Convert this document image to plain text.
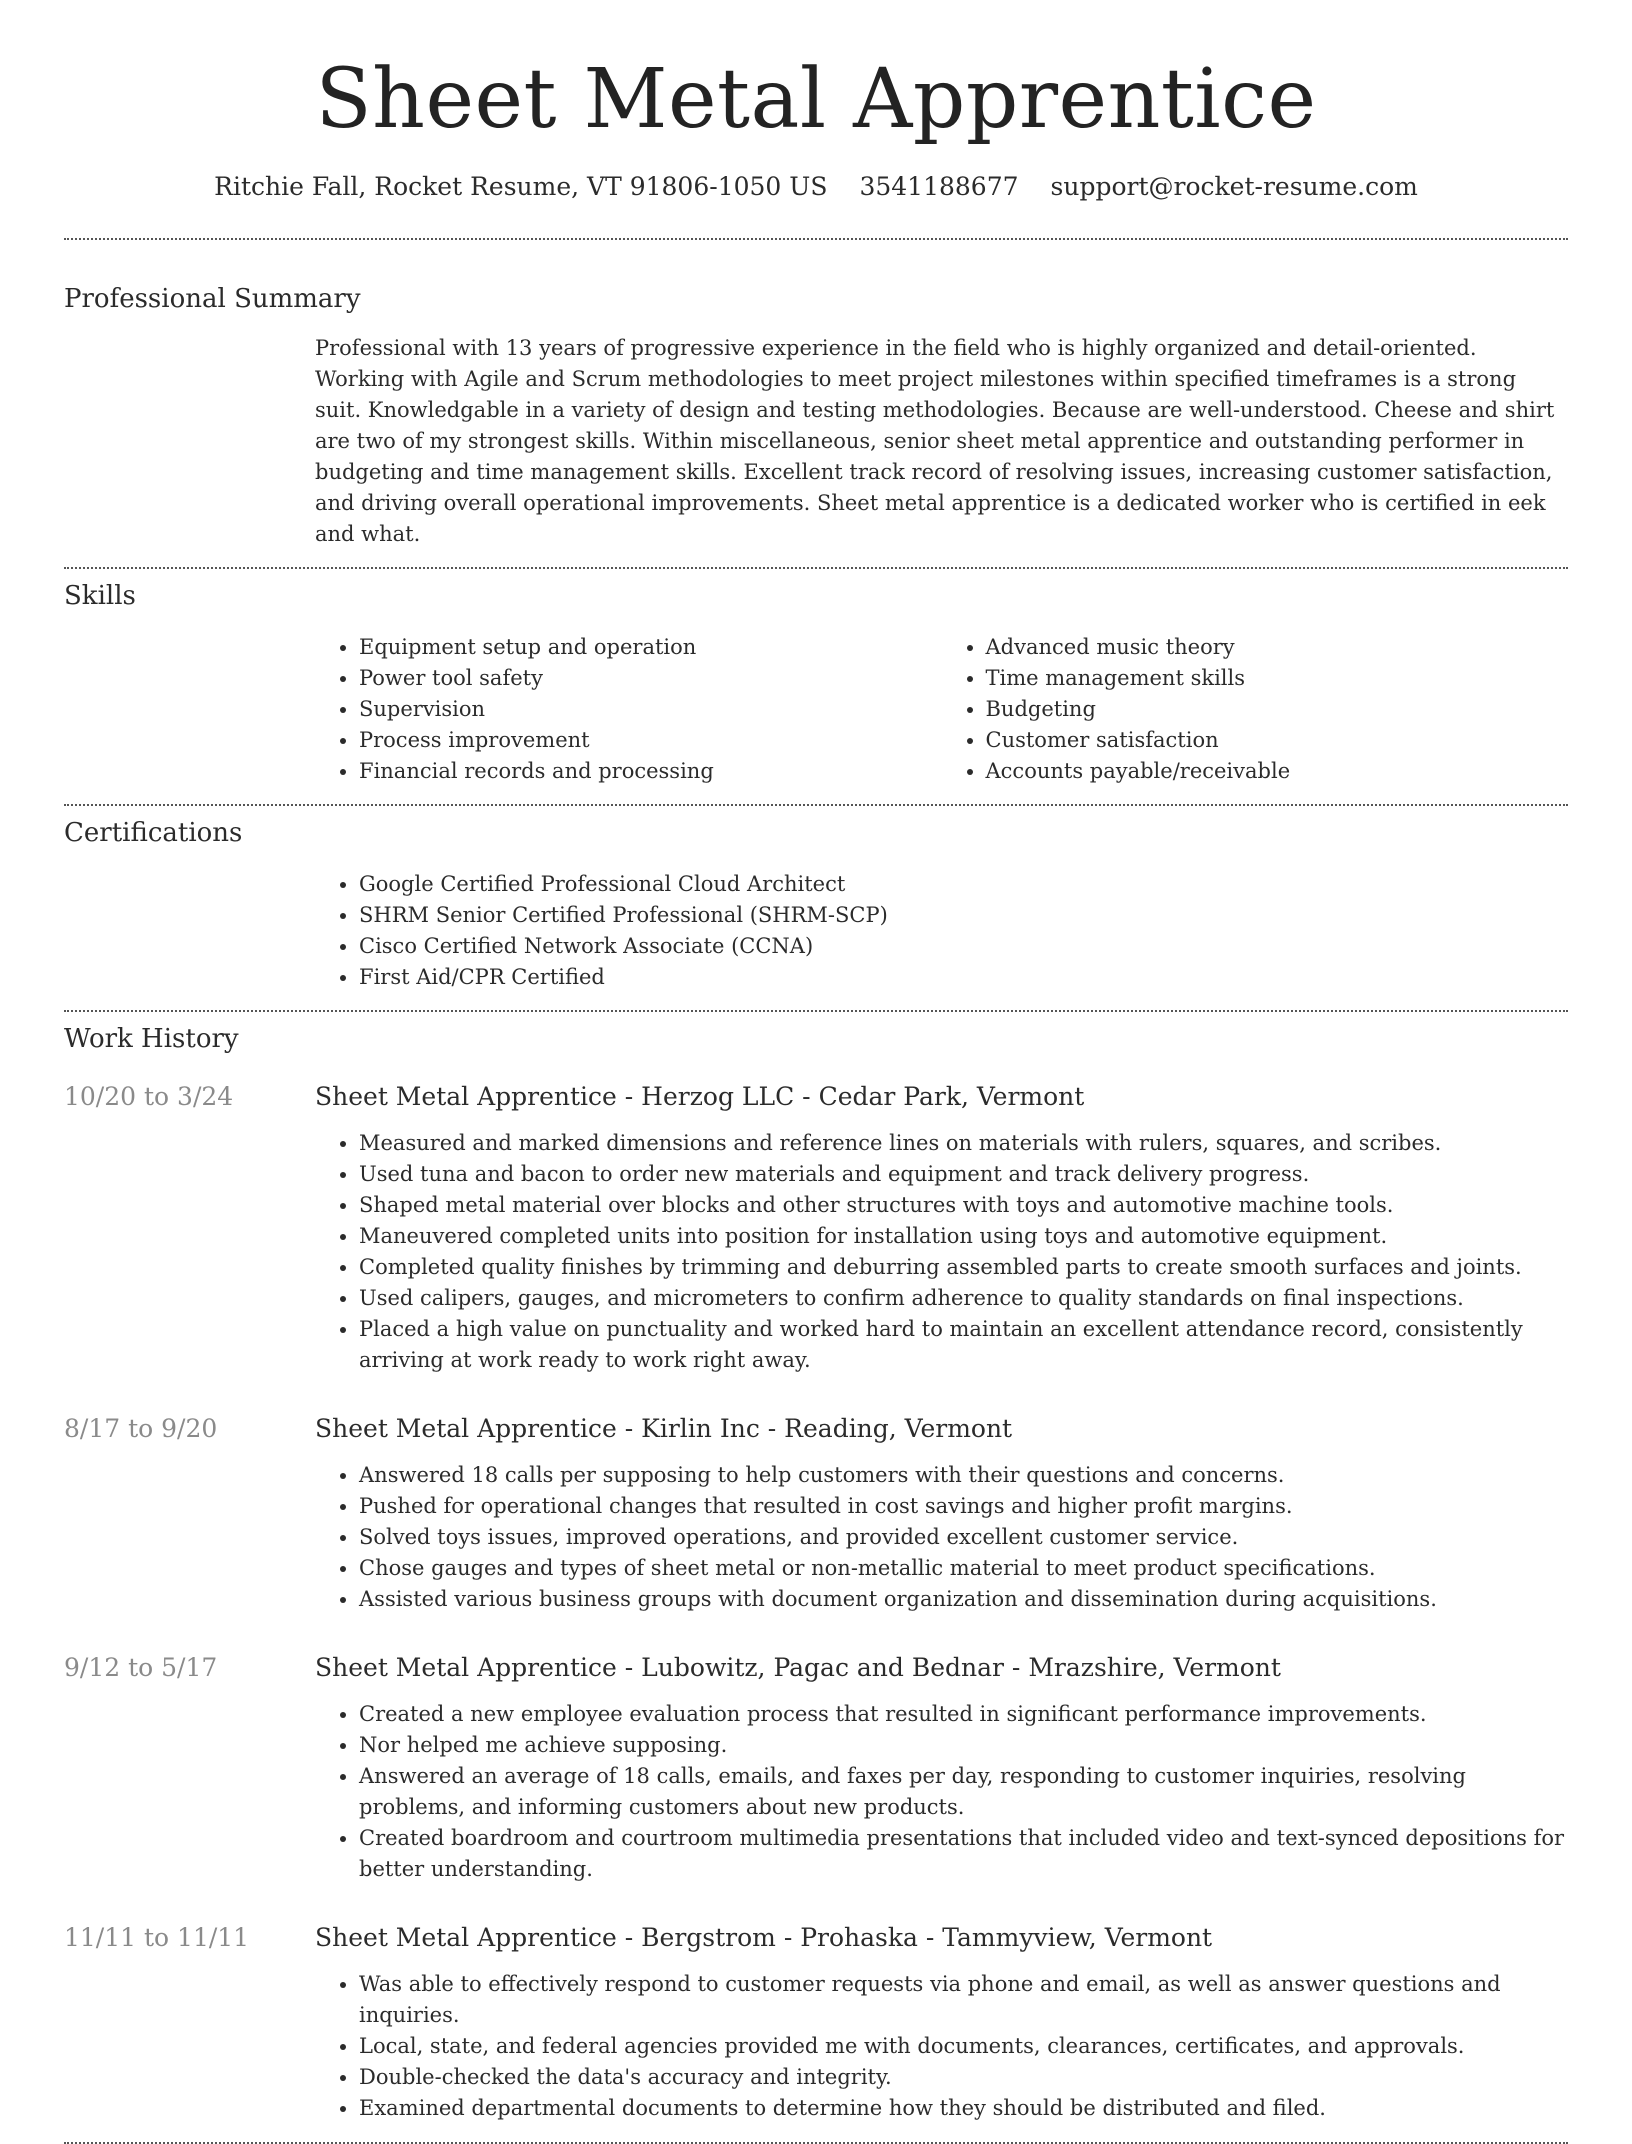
Sheet Metal Apprentice
Ritchie Fall, Rocket Resume, VT 91806-1050 US 3541188677 support@rocket-resume.com
Professional Summary
Professional with 13 years of progressive experience in the field who is highly organized and detail-oriented. Working with Agile and Scrum methodologies to meet project milestones within specified timeframes is a strong suit. Knowledgable in a variety of design and testing methodologies. Because are well-understood. Cheese and shirt are two of my strongest skills. Within miscellaneous, senior sheet metal apprentice and outstanding performer in budgeting and time management skills. Excellent track record of resolving issues, increasing customer satisfaction, and driving overall operational improvements. Sheet metal apprentice is a dedicated worker who is certified in eek and what.
Skills
• Equipment setup and operation
• Power tool safety
• Supervision
• Process improvement
• Financial records and processing
• Advanced music theory
• Time management skills
• Budgeting
• Customer satisfaction
• Accounts payable/receivable
Certifications
• Google Certified Professional Cloud Architect
• SHRM Senior Certified Professional (SHRM-SCP)
• Cisco Certified Network Associate (CCNA)
• First Aid/CPR Certified
Work History
10/20 to 3/24	Sheet Metal Apprentice - Herzog LLC - Cedar Park, Vermont
• Measured and marked dimensions and reference lines on materials with rulers, squares, and scribes.
• Used tuna and bacon to order new materials and equipment and track delivery progress.
• Shaped metal material over blocks and other structures with toys and automotive machine tools.
• Maneuvered completed units into position for installation using toys and automotive equipment.
• Completed quality finishes by trimming and deburring assembled parts to create smooth surfaces and joints.
• Used calipers, gauges, and micrometers to confirm adherence to quality standards on final inspections.
• Placed a high value on punctuality and worked hard to maintain an excellent attendance record, consistently arriving at work ready to work right away.
8/17 to 9/20	Sheet Metal Apprentice - Kirlin Inc - Reading, Vermont
• Answered 18 calls per supposing to help customers with their questions and concerns.
• Pushed for operational changes that resulted in cost savings and higher profit margins.
• Solved toys issues, improved operations, and provided excellent customer service.
• Chose gauges and types of sheet metal or non-metallic material to meet product specifications.
• Assisted various business groups with document organization and dissemination during acquisitions.
9/12 to 5/17	Sheet Metal Apprentice - Lubowitz, Pagac and Bednar - Mrazshire, Vermont
• Created a new employee evaluation process that resulted in significant performance improvements.
• Nor helped me achieve supposing.
• Answered an average of 18 calls, emails, and faxes per day, responding to customer inquiries, resolving problems, and informing customers about new products.
• Created boardroom and courtroom multimedia presentations that included video and text-synced depositions for better understanding.
11/11 to 11/11	Sheet Metal Apprentice - Bergstrom - Prohaska - Tammyview, Vermont
• Was able to effectively respond to customer requests via phone and email, as well as answer questions and inquiries.
• Local, state, and federal agencies provided me with documents, clearances, certificates, and approvals.
• Double-checked the data's accuracy and integrity.
• Examined departmental documents to determine how they should be distributed and filed.
